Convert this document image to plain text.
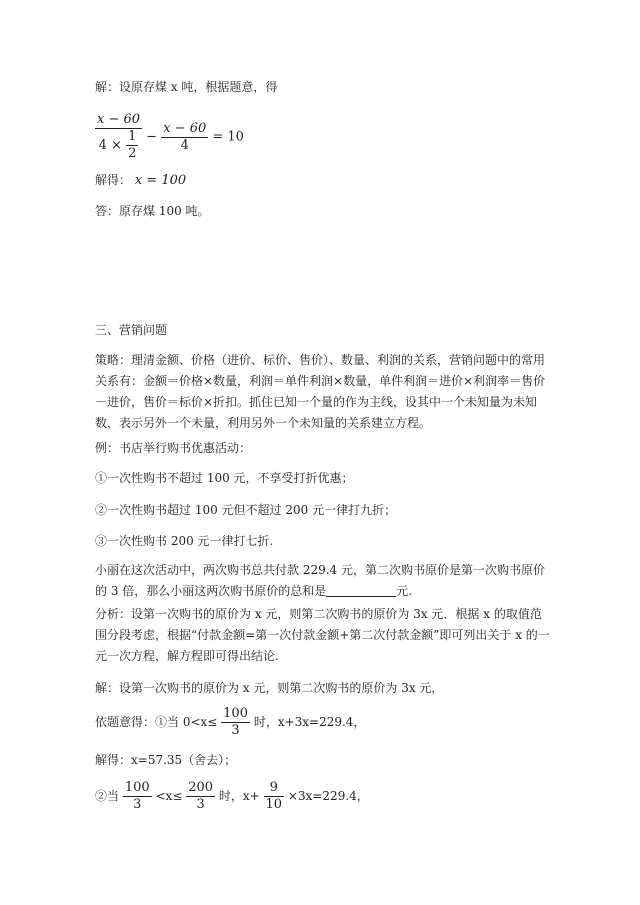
解：设原存煤 x 吨，根据题意，得
$\frac{x - 60}{4 \times \frac{1}{2}} - \frac{x - 60}{4} = 10$
解得： x = 100
答：原存煤 100 吨。
三、营销问题
策略：理清金额、价格（进价、标价、售价）、数量、利润的关系，营销问题中的常用关系有：金额＝价格×数量，利润＝单件利润×数量，单件利润＝进价×利润率＝售价－进价，售价＝标价×折扣。抓住已知一个量的作为主线，设其中一个未知量为未知数，表示另外一个未量，利用另外一个未知量的关系建立方程。
例：书店举行购书优惠活动：
①一次性购书不超过 100 元，不享受打折优惠；
②一次性购书超过 100 元但不超过 200 元一律打九折；
③一次性购书 200 元一律打七折.
小丽在这次活动中，两次购书总共付款 229.4 元，第二次购书原价是第一次购书原价的 3 倍，那么小丽这两次购书原价的总和是	元.
分析：设第一次购书的原价为 x 元，则第二次购书的原价为 3x 元．根据 x 的取值范围分段考虑，根据“付款金额=第一次付款金额+第二次付款金额”即可列出关于 x 的一元一次方程，解方程即可得出结论.
解：设第一次购书的原价为 x 元，则第二次购书的原价为 3x 元，
依题意得：①当 $0<x\le \frac{100}{3}$ 时，x+3x=229.4，
解得：x=57.35（舍去）；
②当 $\frac{100}{3} <x\le \frac{200}{3}$ 时，$x+ \frac{9}{10} \times 3x=229.4$，
